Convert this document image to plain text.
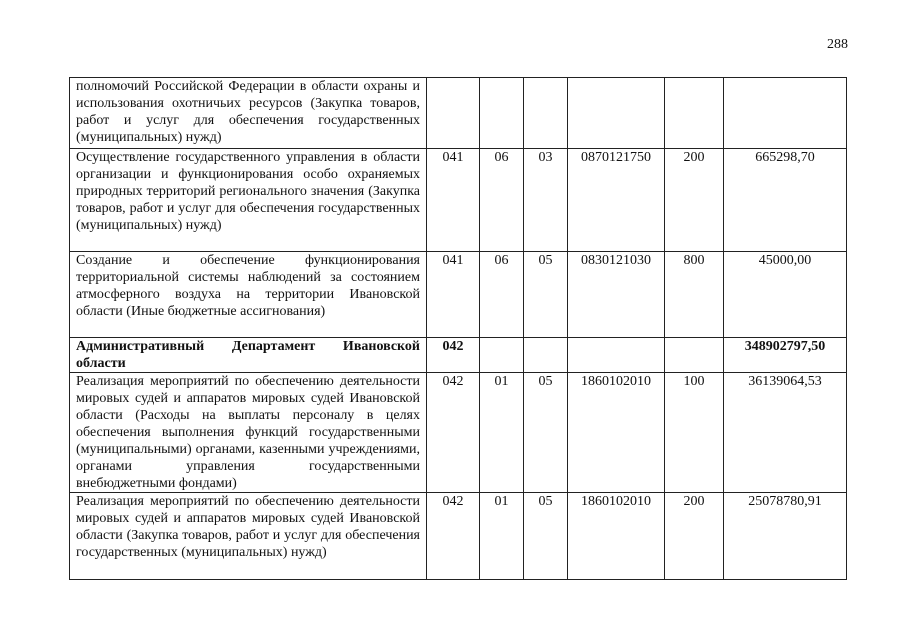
288
полномочий Российской Федерации в области охраны и использования охотничьих ресурсов (Закупка товаров, работ и услуг для обеспечения государственных (муниципальных) нужд)						
Осуществление государственного управления в области организации и функционирования особо охраняемых природных территорий регионального значения (Закупка товаров, работ и услуг для обеспечения государственных (муниципальных) нужд)	041	06	03	0870121750	200	665298,70
Создание и обеспечение функционирования территориальной системы наблюдений за состоянием атмосферного воздуха на территории Ивановской области (Иные бюджетные ассигнования)	041	06	05	0830121030	800	45000,00
Административный Департамент Ивановской области	042					348902797,50
Реализация мероприятий по обеспечению деятельности мировых судей и аппаратов мировых судей Ивановской области (Расходы на выплаты персоналу в целях обеспечения выполнения функций государственными (муниципальными) органами, казенными учреждениями, органами управления государственными внебюджетными фондами)	042	01	05	1860102010	100	36139064,53
Реализация мероприятий по обеспечению деятельности мировых судей и аппаратов мировых судей Ивановской области (Закупка товаров, работ и услуг для обеспечения государственных (муниципальных) нужд)	042	01	05	1860102010	200	25078780,91
